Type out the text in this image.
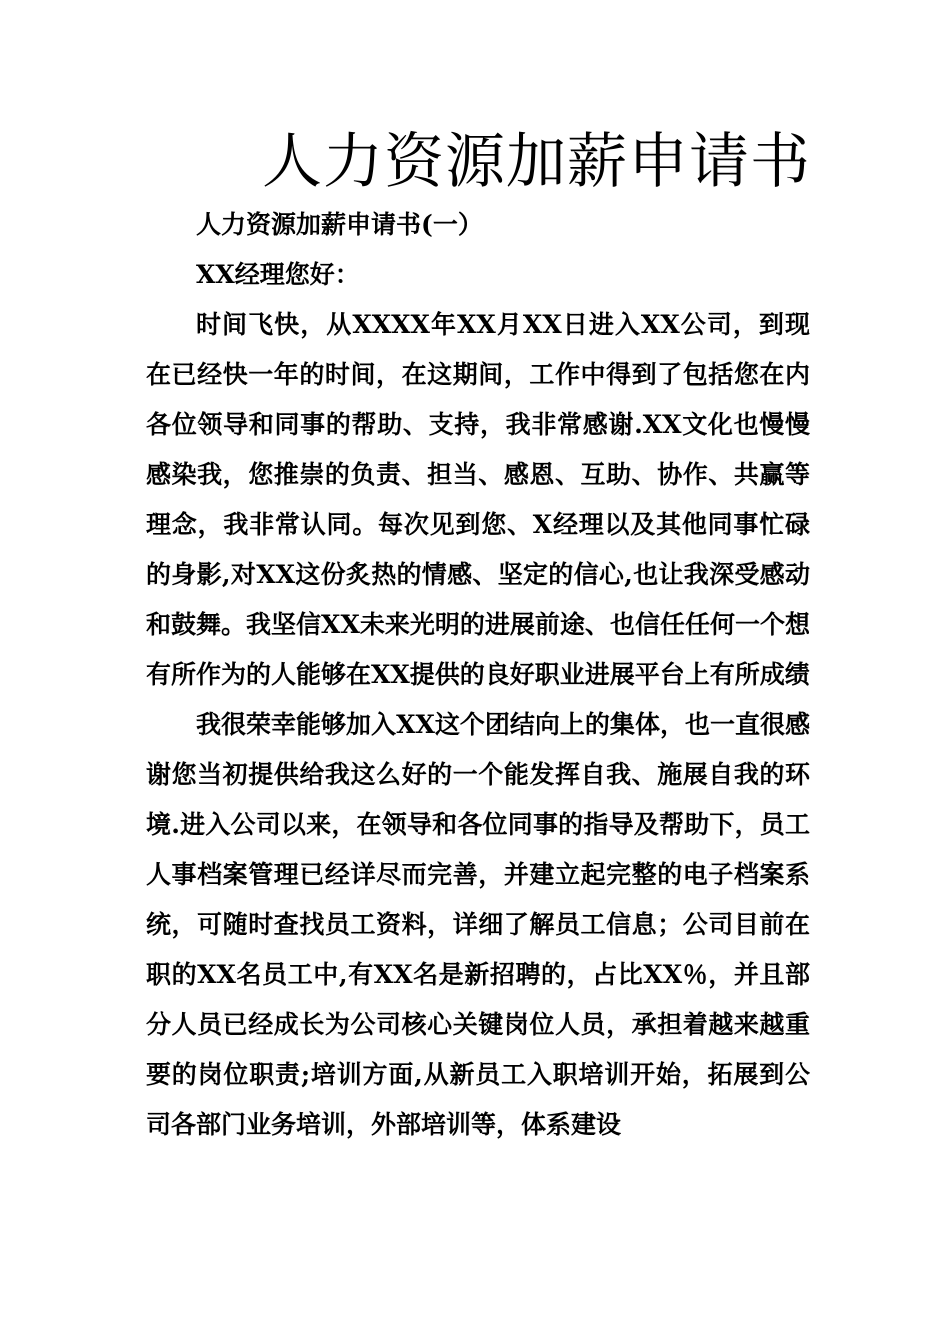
人力资源加薪申请书

人力资源加薪申请书(一）

XX经理您好：

时间飞快，从XXXX年XX月XX日进入XX公司，到现在已经快一年的时间，在这期间，工作中得到了包括您在内各位领导和同事的帮助、支持，我非常感谢.XX文化也慢慢感染我，您推崇的负责、担当、感恩、互助、协作、共赢等理念，我非常认同。每次见到您、X经理以及其他同事忙碌的身影,对XX这份炙热的情感、坚定的信心,也让我深受感动和鼓舞。我坚信XX未来光明的进展前途、也信任任何一个想有所作为的人能够在XX提供的良好职业进展平台上有所成绩

我很荣幸能够加入XX这个团结向上的集体，也一直很感谢您当初提供给我这么好的一个能发挥自我、施展自我的环境.进入公司以来，在领导和各位同事的指导及帮助下，员工人事档案管理已经详尽而完善，并建立起完整的电子档案系统，可随时查找员工资料，详细了解员工信息；公司目前在职的XX名员工中,有XX名是新招聘的，占比XX％，并且部分人员已经成长为公司核心关键岗位人员，承担着越来越重要的岗位职责;培训方面,从新员工入职培训开始，拓展到公司各部门业务培训，外部培训等，体系建设
